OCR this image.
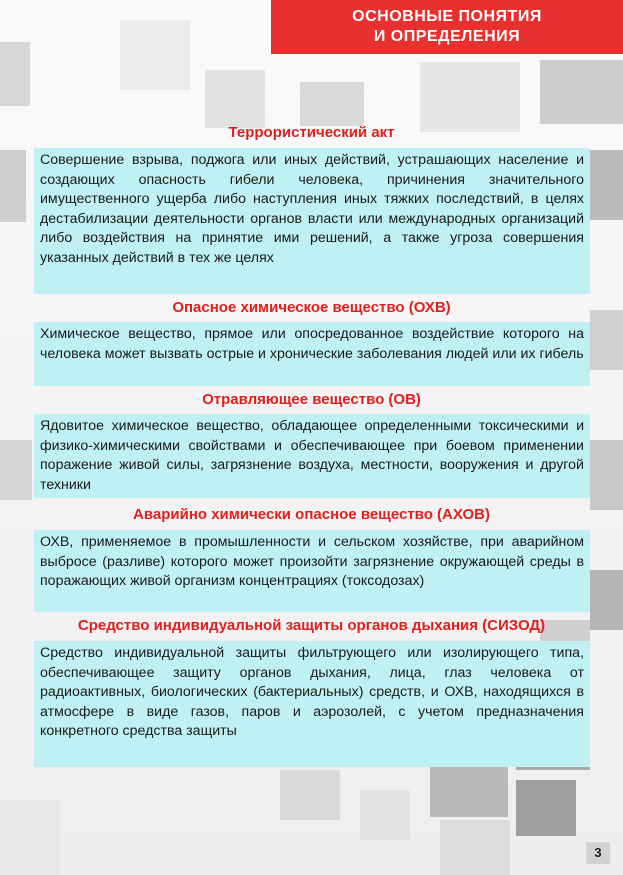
ОСНОВНЫЕ ПОНЯТИЯ
И ОПРЕДЕЛЕНИЯ
Террористический акт
Совершение взрыва, поджога или иных действий, устрашающих население и создающих опасность гибели человека, причинения значительного имущественного ущерба либо наступления иных тяжких последствий, в целях дестабилизации деятельности органов власти или международных организаций либо воздействия на принятие ими решений, а также угроза совершения указанных действий в тех же целях
Опасное химическое вещество (ОХВ)
Химическое вещество, прямое или опосредованное воздействие которого на человека может вызвать острые и хронические заболевания людей или их гибель
Отравляющее вещество (ОВ)
Ядовитое химическое вещество, обладающее определенными токсическими и физико-химическими свойствами и обеспечивающее при боевом применении поражение живой силы, загрязнение воздуха, местности, вооружения и другой техники
Аварийно химически опасное вещество (АХОВ)
ОХВ, применяемое в промышленности и сельском хозяйстве, при аварийном выбросе (разливе) которого может произойти загрязнение окружающей среды в поражающих живой организм концентрациях (токсодозах)
Средство индивидуальной защиты органов дыхания (СИЗОД)
Средство индивидуальной защиты фильтрующего или изолирующего типа, обеспечивающее защиту органов дыхания, лица, глаз человека от радиоактивных, биологических (бактериальных) средств, и ОХВ, находящихся в атмосфере в виде газов, паров и аэрозолей, с учетом предназначения конкретного средства защиты
3
